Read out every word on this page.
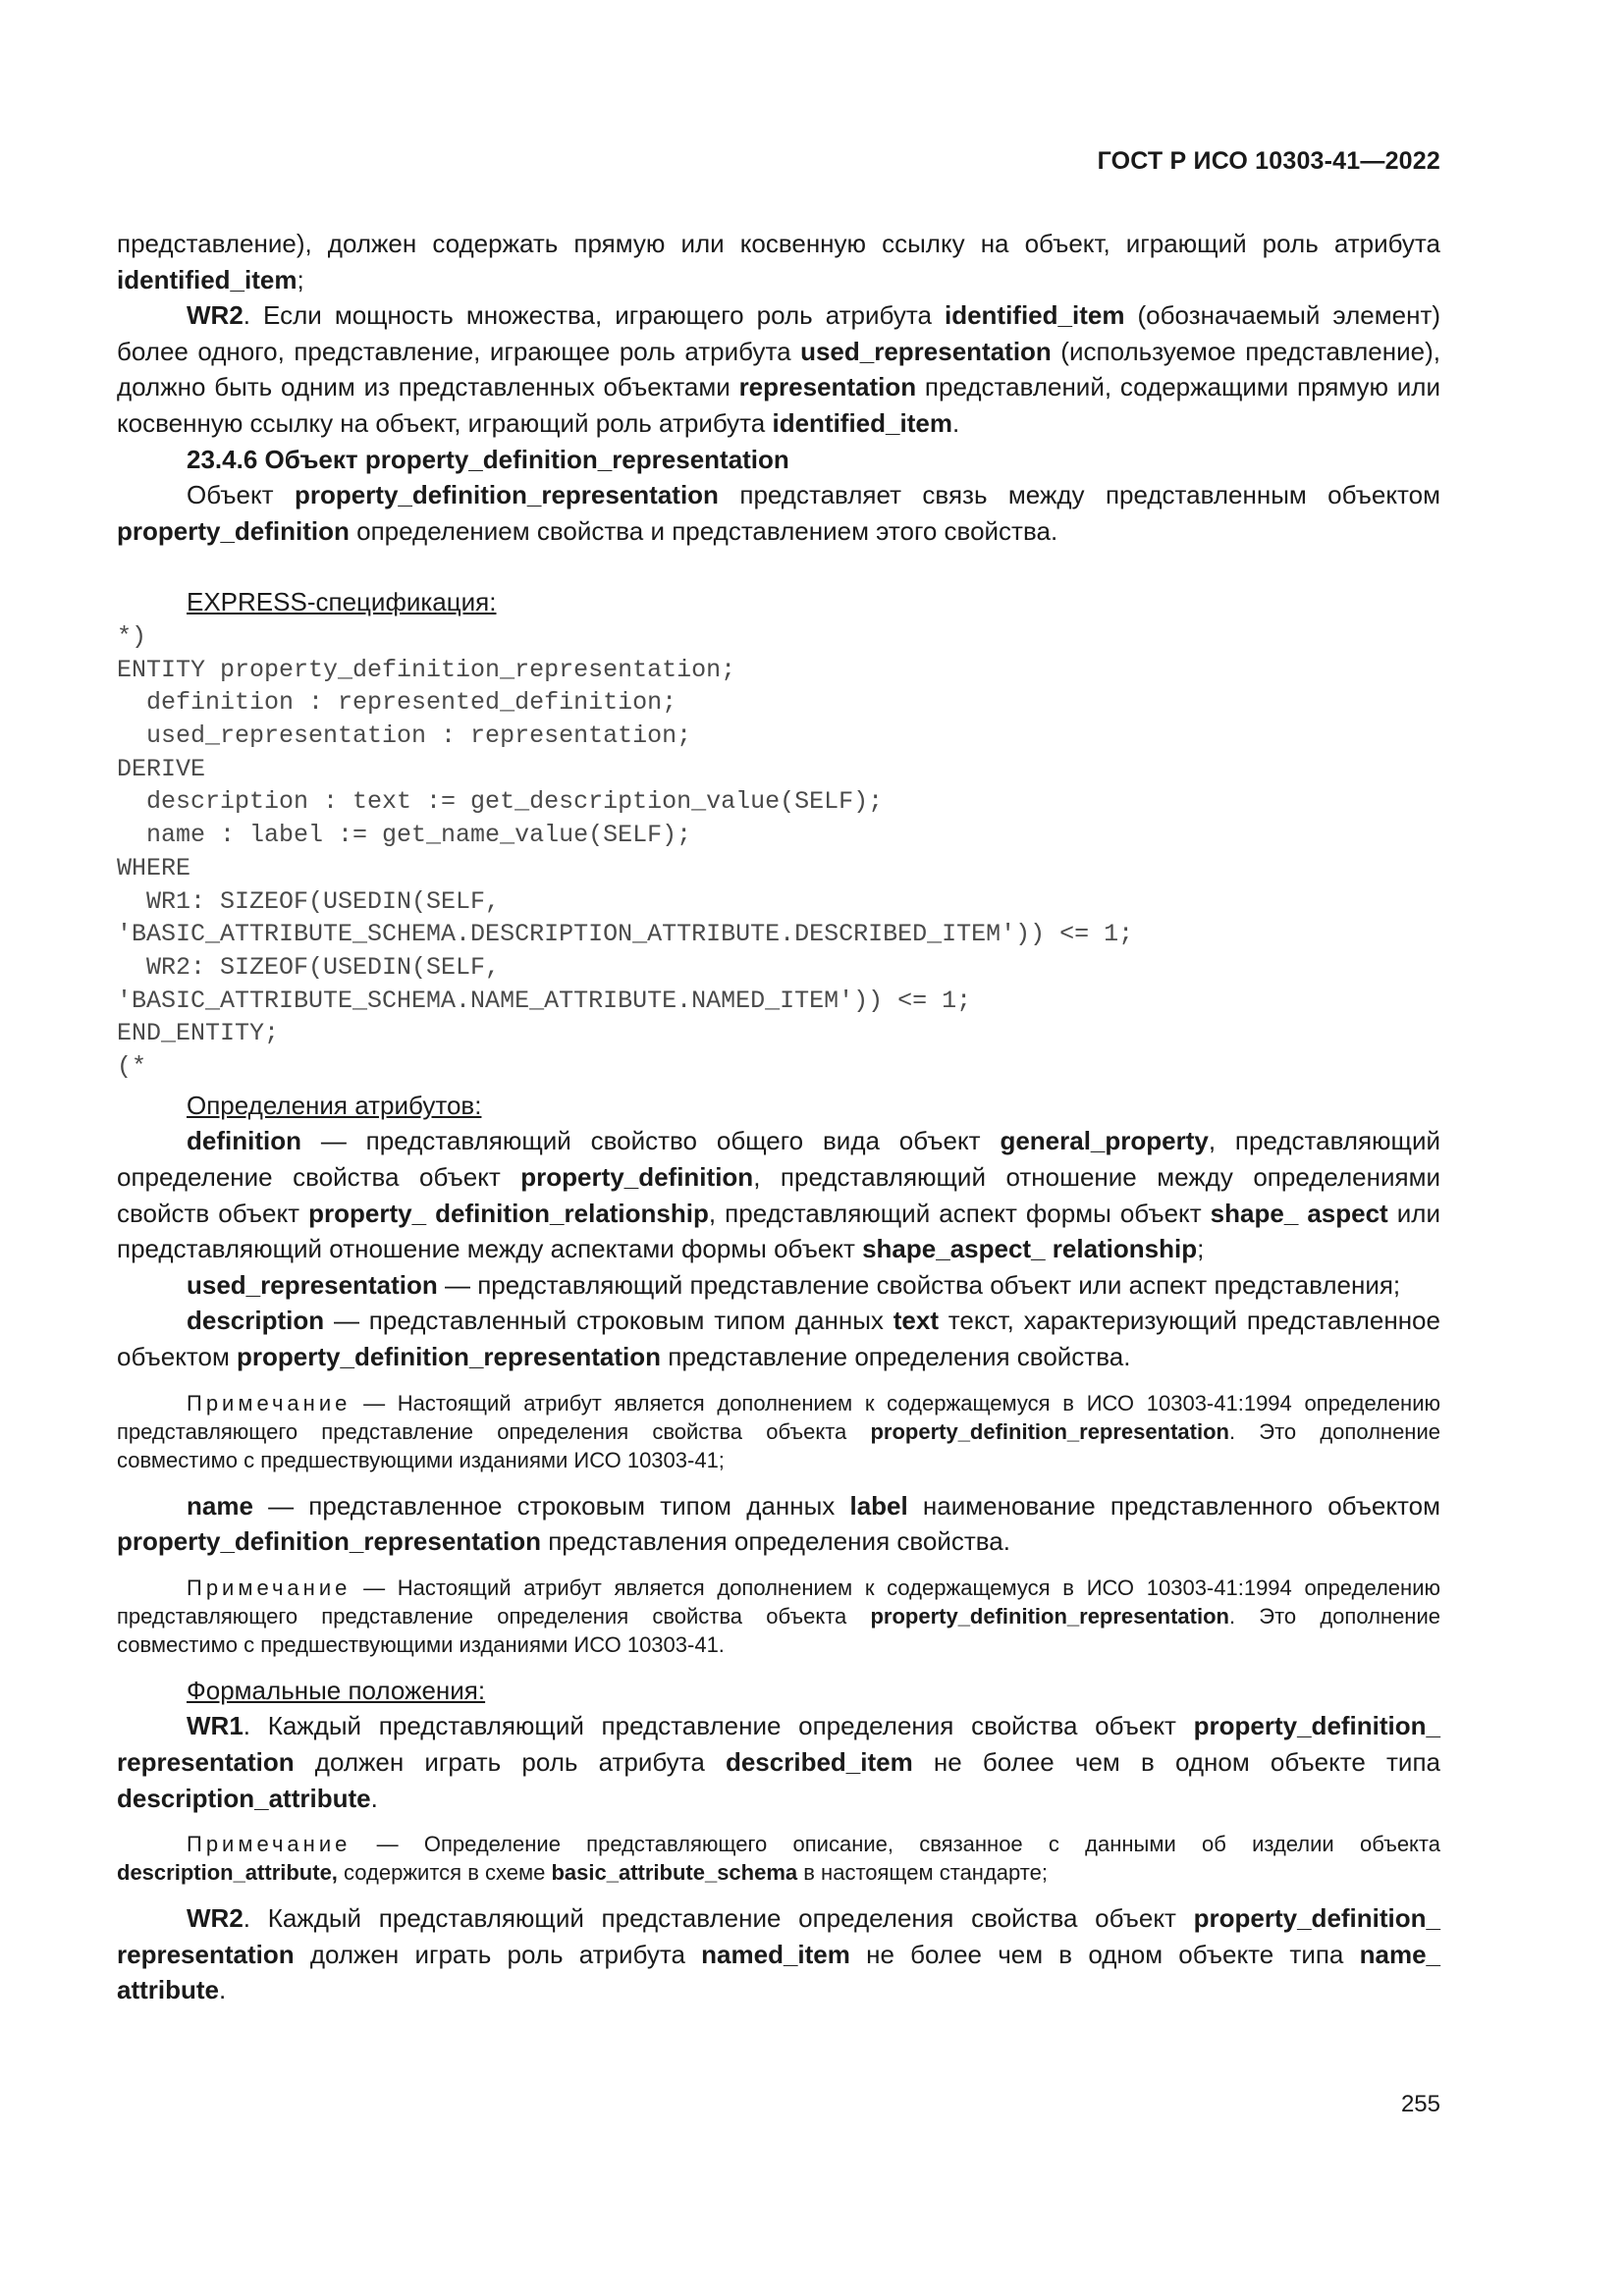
ГОСТ Р ИСО 10303-41—2022

представление), должен содержать прямую или косвенную ссылку на объект, играющий роль атрибута identified_item;

WR2. Если мощность множества, играющего роль атрибута identified_item (обозначаемый элемент) более одного, представление, играющее роль атрибута used_representation (используемое представление), должно быть одним из представленных объектами representation представлений, содержащими прямую или косвенную ссылку на объект, играющий роль атрибута identified_item.

23.4.6 Объект property_definition_representation

Объект property_definition_representation представляет связь между представленным объектом property_definition определением свойства и представлением этого свойства.

EXPRESS-спецификация:

*)
ENTITY property_definition_representation;
definition : represented_definition;
used_representation : representation;
DERIVE
description : text := get_description_value(SELF);
name : label := get_name_value(SELF);
WHERE
WR1: SIZEOF(USEDIN(SELF,
'BASIC_ATTRIBUTE_SCHEMA.DESCRIPTION_ATTRIBUTE.DESCRIBED_ITEM')) <= 1;
WR2: SIZEOF(USEDIN(SELF,
'BASIC_ATTRIBUTE_SCHEMA.NAME_ATTRIBUTE.NAMED_ITEM')) <= 1;
END_ENTITY;
(*

Определения атрибутов:

definition — представляющий свойство общего вида объект general_property, представляющий определение свойства объект property_definition, представляющий отношение между определениями свойств объект property_ definition_relationship, представляющий аспект формы объект shape_ aspect или представляющий отношение между аспектами формы объект shape_aspect_ relationship;

used_representation — представляющий представление свойства объект или аспект представления;

description — представленный строковым типом данных text текст, характеризующий представленное объектом property_definition_representation представление определения свойства.

Примечание — Настоящий атрибут является дополнением к содержащемуся в ИСО 10303-41:1994 определению представляющего представление определения свойства объекта property_definition_representation. Это дополнение совместимо с предшествующими изданиями ИСО 10303-41;

name — представленное строковым типом данных label наименование представленного объектом property_definition_representation представления определения свойства.

Примечание — Настоящий атрибут является дополнением к содержащемуся в ИСО 10303-41:1994 определению представляющего представление определения свойства объекта property_definition_representation. Это дополнение совместимо с предшествующими изданиями ИСО 10303-41.

Формальные положения:

WR1. Каждый представляющий представление определения свойства объект property_definition_ representation должен играть роль атрибута described_item не более чем в одном объекте типа description_attribute.

Примечание — Определение представляющего описание, связанное с данными об изделии объекта description_attribute, содержится в схеме basic_attribute_schema в настоящем стандарте;

WR2. Каждый представляющий представление определения свойства объект property_definition_ representation должен играть роль атрибута named_item не более чем в одном объекте типа name_ attribute.

255
